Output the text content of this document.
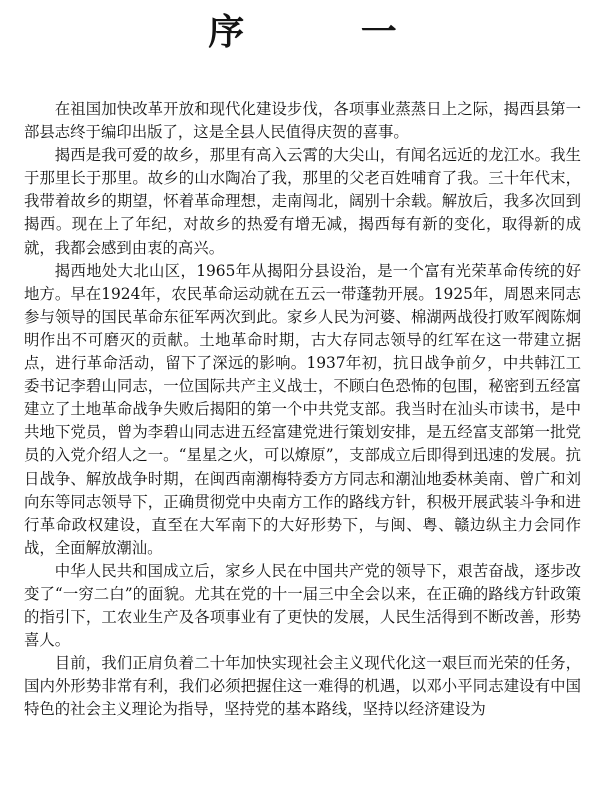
序 一

在祖国加快改革开放和现代化建设步伐，各项事业蒸蒸日上之际，揭西县第一部县志终于编印出版了，这是全县人民值得庆贺的喜事。

揭西是我可爱的故乡，那里有高入云霄的大尖山，有闻名远近的龙江水。我生于那里长于那里。故乡的山水陶冶了我，那里的父老百姓哺育了我。三十年代末，我带着故乡的期望，怀着革命理想，走南闯北，阔别十余载。解放后，我多次回到揭西。现在上了年纪，对故乡的热爱有增无减，揭西每有新的变化，取得新的成就，我都会感到由衷的高兴。

揭西地处大北山区，1965年从揭阳分县设治，是一个富有光荣革命传统的好地方。早在1924年，农民革命运动就在五云一带蓬勃开展。1925年，周恩来同志参与领导的国民革命东征军两次到此。家乡人民为河婆、棉湖两战役打败军阀陈炯明作出不可磨灭的贡献。土地革命时期，古大存同志领导的红军在这一带建立据点，进行革命活动，留下了深远的影响。1937年初，抗日战争前夕，中共韩江工委书记李碧山同志，一位国际共产主义战士，不顾白色恐怖的包围，秘密到五经富建立了土地革命战争失败后揭阳的第一个中共党支部。我当时在汕头市读书，是中共地下党员，曾为李碧山同志进五经富建党进行策划安排，是五经富支部第一批党员的入党介绍人之一。“星星之火，可以燎原”，支部成立后即得到迅速的发展。抗日战争、解放战争时期，在闽西南潮梅特委方方同志和潮汕地委林美南、曾广和刘向东等同志领导下，正确贯彻党中央南方工作的路线方针，积极开展武装斗争和进行革命政权建设，直至在大军南下的大好形势下，与闽、粤、赣边纵主力会同作战，全面解放潮汕。

中华人民共和国成立后，家乡人民在中国共产党的领导下，艰苦奋战，逐步改变了“一穷二白”的面貌。尤其在党的十一届三中全会以来，在正确的路线方针政策的指引下，工农业生产及各项事业有了更快的发展，人民生活得到不断改善，形势喜人。

目前，我们正肩负着二十年加快实现社会主义现代化这一艰巨而光荣的任务，国内外形势非常有利，我们必须把握住这一难得的机遇，以邓小平同志建设有中国特色的社会主义理论为指导，坚持党的基本路线，坚持以经济建设为
